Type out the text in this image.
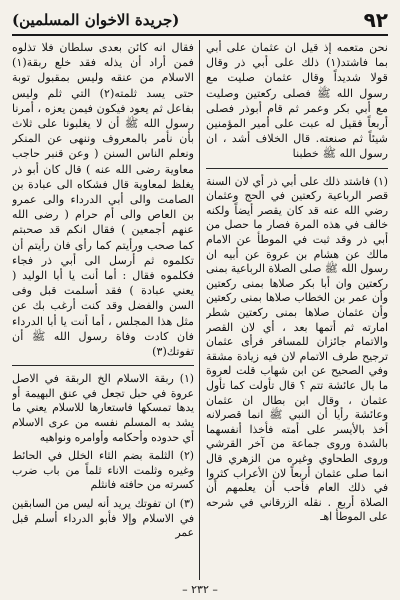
٩٢
(جريدة الاخوان المسلمين)

نحن متعمه إذ قيل ان عثمان على أبي بما فاشتد(١) ذلك على أبي ذر وقال قولا شديداً وقال عثمان صليت مع رسول الله ﷺ فصلى ركعتين وصليت مع أبي بكر وعمر ثم قام أبوذر فصلى أربعاً فقيل له عبت على أمير المؤمنين شيئاً ثم صنعته. قال الخلاف أشد ، ان رسول الله ﷺ خطبنا

(١) فاشتد ذلك على أبي ذر أي لان السنة قصر الرباعية ركعتين في الحج وعثمان رضي الله عنه قد كان يقصر أيضاً ولكنه خالف في هذه المرة فصار ما حصل من أبي ذر وقد ثبت في الموطأ عن الامام مالك عن هشام بن عروة عن أبيه ان رسول الله ﷺ صلى الصلاة الرباعية بمنى ركعتين وان أبا بكر صلاها بمنى ركعتين وأن عمر بن الخطاب صلاها بمنى ركعتين وأن عثمان صلاها بمنى ركعتين شطر امارته ثم أتمها بعد ، أي لان القصر والاتمام جائزان للمسافر فرأى عثمان ترجيح طرف الاتمام لان فيه زيادة مشقة وفي الصحيح عن ابن شهاب قلت لعروة ما بال عائشة تتم ؟ قال تأولت كما تأول عثمان ، وقال ابن بطال ان عثمان وعائشة رأيا أن النبي ﷺ انما قصرلانه أخذ بالأيسر على أمته فأخذا أنفسهما بالشدة وروى جماعة من آخر القرشي وروى الطحاوي وغيره من الزهري قال انما صلى عثمان أربعاً لان الأعراب كثروا في ذلك العام فأحب أن يعلمهم أن الصلاة أربع . نقله الزرقاني في شرحه على الموطأ اهـ

فقال انه كائن بعدى سلطان فلا تذلوه فمن أراد أن يذله فقد خلع ربقة(١) الاسلام من عنقه وليس بمقبول توبة حتى يسد ثلمته(٢) التي ثلم وليس بفاعل ثم يعود فيكون فيمن يعزه ، أمرنا رسول الله ﷺ أن لا يغلبونا على ثلاث بأن نأمر بالمعروف وننهى عن المنكر ونعلم الناس السنن ( وعن قنبر حاجب معاوية رضى الله عنه ) قال كان أبو ذر يغلظ لمعاوية قال فشكاه الى عبادة بن الصامت والى أبي الدرداء والى عمرو بن العاص والى أم حرام ( رضى الله عنهم أجمعين ) فقال انكم قد صحبتم كما صحب ورأيتم كما رأى فان رأيتم أن تكلموه ثم أرسل الى أبي ذر فجاء فكلموه فقال : أما أنت يا أبا الوليد ( يعني عبادة ) فقد أسلمت قبل وفى السن والفضل وقد كنت أرغب بك عن مثل هذا المجلس ، أما أنت يا أبا الدرداء فان كادت وفاة رسول الله ﷺ أن تفوتك(٣)

(١) ربقة الاسلام الخ الربقة في الاصل عروة في حبل تجعل في عنق البهيمة أو يدها تمسكها فاستعارها للاسلام يعني ما يشد به المسلم نفسه من عرى الاسلام أي حدوده وأحكامه وأوامره ونواهيه

(٢) الثلمة بضم الثاء الخلل في الحائط وغيره وثلمت الاناء ثلماً من باب ضرب كسرته من حافته فانثلم

(٣) ان تفوتك يريد أنه ليس من السابقين في الاسلام وإلا فأبو الدرداء أسلم قبل عمر

– ٢٣٢ –
